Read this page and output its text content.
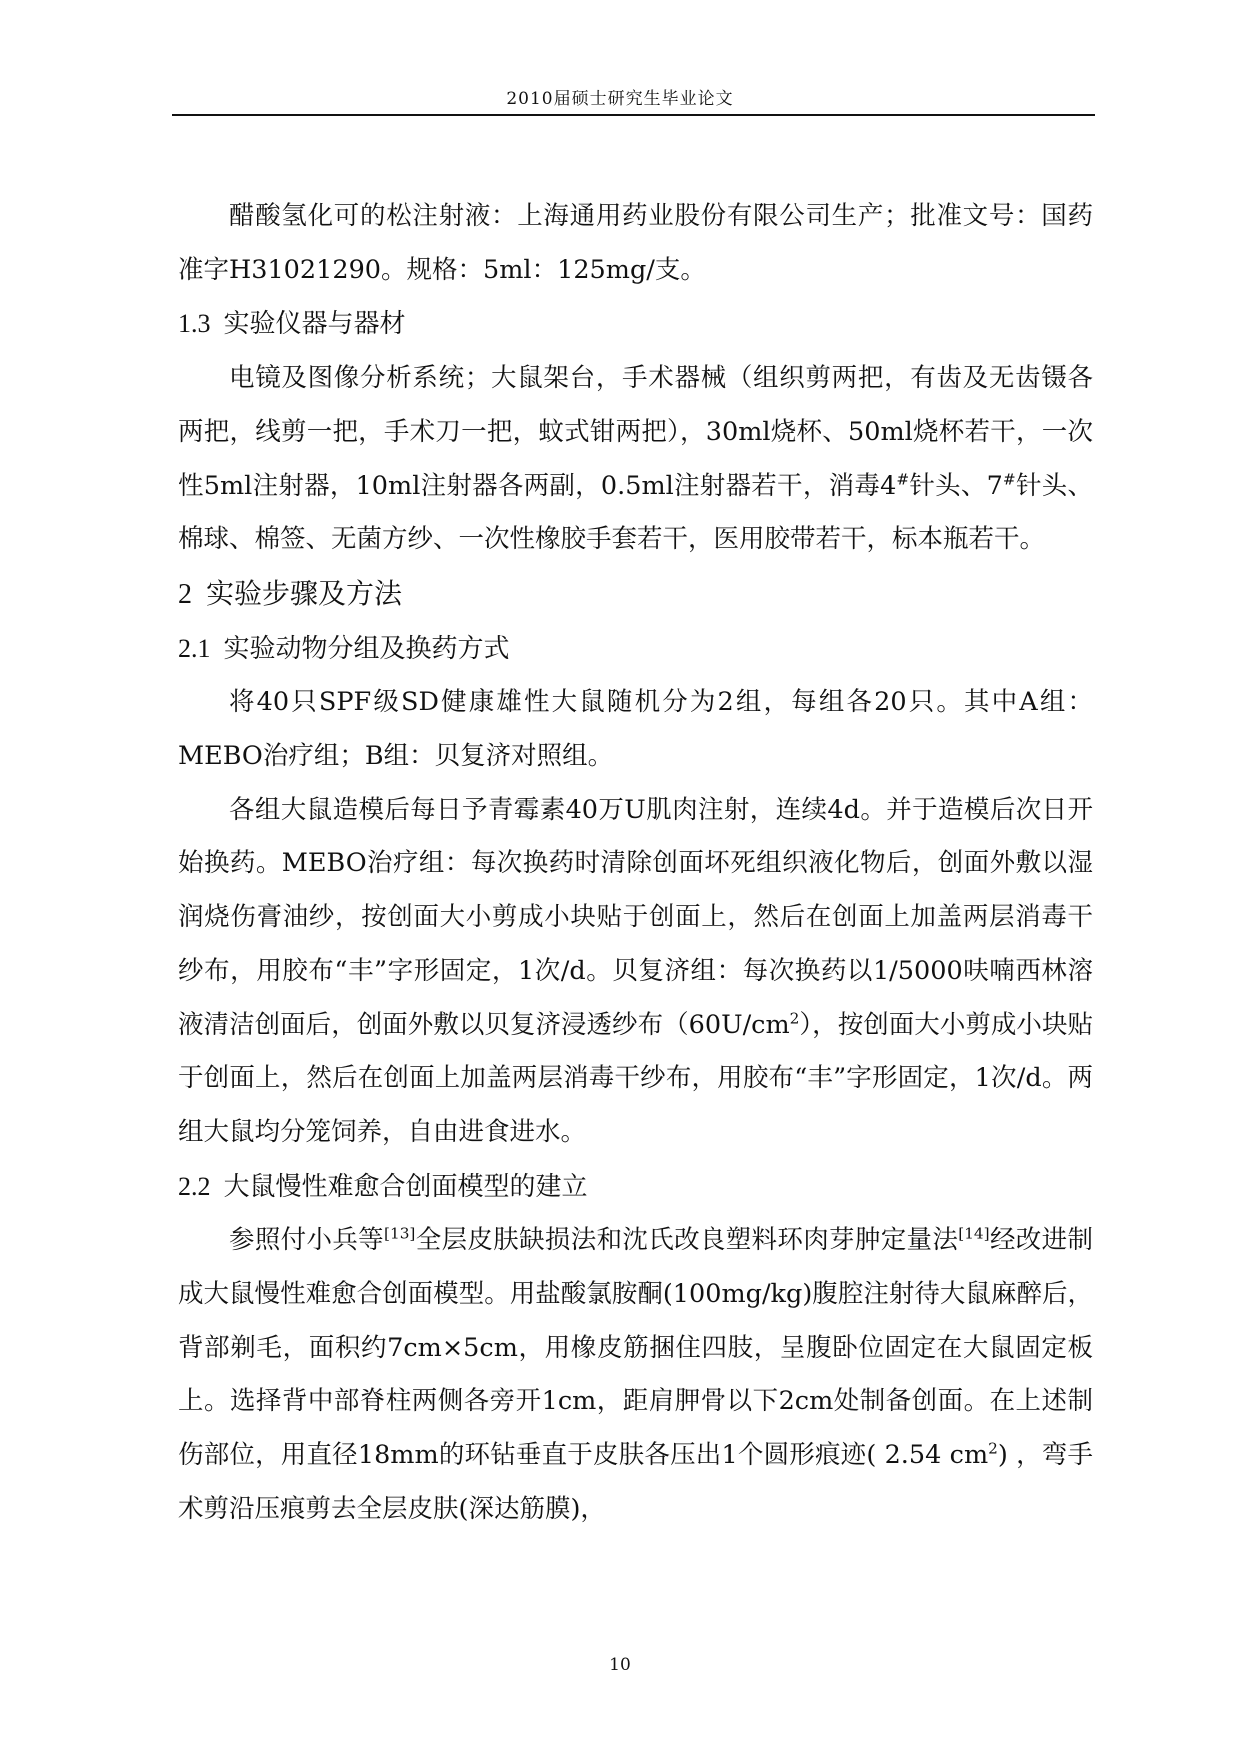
2010届硕士研究生毕业论文

醋酸氢化可的松注射液：上海通用药业股份有限公司生产；批准文号：国药准字H31021290。规格：5ml：125mg/支。

1.3 实验仪器与器材

电镜及图像分析系统；大鼠架台，手术器械（组织剪两把，有齿及无齿镊各两把，线剪一把，手术刀一把，蚊式钳两把），30ml烧杯、50ml烧杯若干，一次性5ml注射器，10ml注射器各两副，0.5ml注射器若干，消毒4#针头、7#针头、棉球、棉签、无菌方纱、一次性橡胶手套若干，医用胶带若干，标本瓶若干。

2 实验步骤及方法

2.1 实验动物分组及换药方式

将40只SPF级SD健康雄性大鼠随机分为2组，每组各20只。其中A组：MEBO治疗组；B组：贝复济对照组。

各组大鼠造模后每日予青霉素40万U肌肉注射，连续4d。并于造模后次日开始换药。MEBO治疗组：每次换药时清除创面坏死组织液化物后，创面外敷以湿润烧伤膏油纱，按创面大小剪成小块贴于创面上，然后在创面上加盖两层消毒干纱布，用胶布“丰”字形固定，1次/d。贝复济组：每次换药以1/5000呋喃西林溶液清洁创面后，创面外敷以贝复济浸透纱布$(60U/cm^2)$，按创面大小剪成小块贴于创面上，然后在创面上加盖两层消毒干纱布，用胶布“丰”字形固定，1次/d。两组大鼠均分笼饲养，自由进食进水。

2.2 大鼠慢性难愈合创面模型的建立

参照付小兵等[13]全层皮肤缺损法和沈氏改良塑料环肉芽肿定量法[14]经改进制成大鼠慢性难愈合创面模型。用盐酸氯胺酮(100mg/kg)腹腔注射待大鼠麻醉后，背部剃毛，面积约7cm×5cm，用橡皮筋捆住四肢，呈腹卧位固定在大鼠固定板上。选择背中部脊柱两侧各旁开1cm，距肩胛骨以下2cm处制备创面。在上述制伤部位，用直径18mm的环钻垂直于皮肤各压出1个圆形痕迹( 2.54 $cm^2$) ，弯手术剪沿压痕剪去全层皮肤(深达筋膜)，

10
